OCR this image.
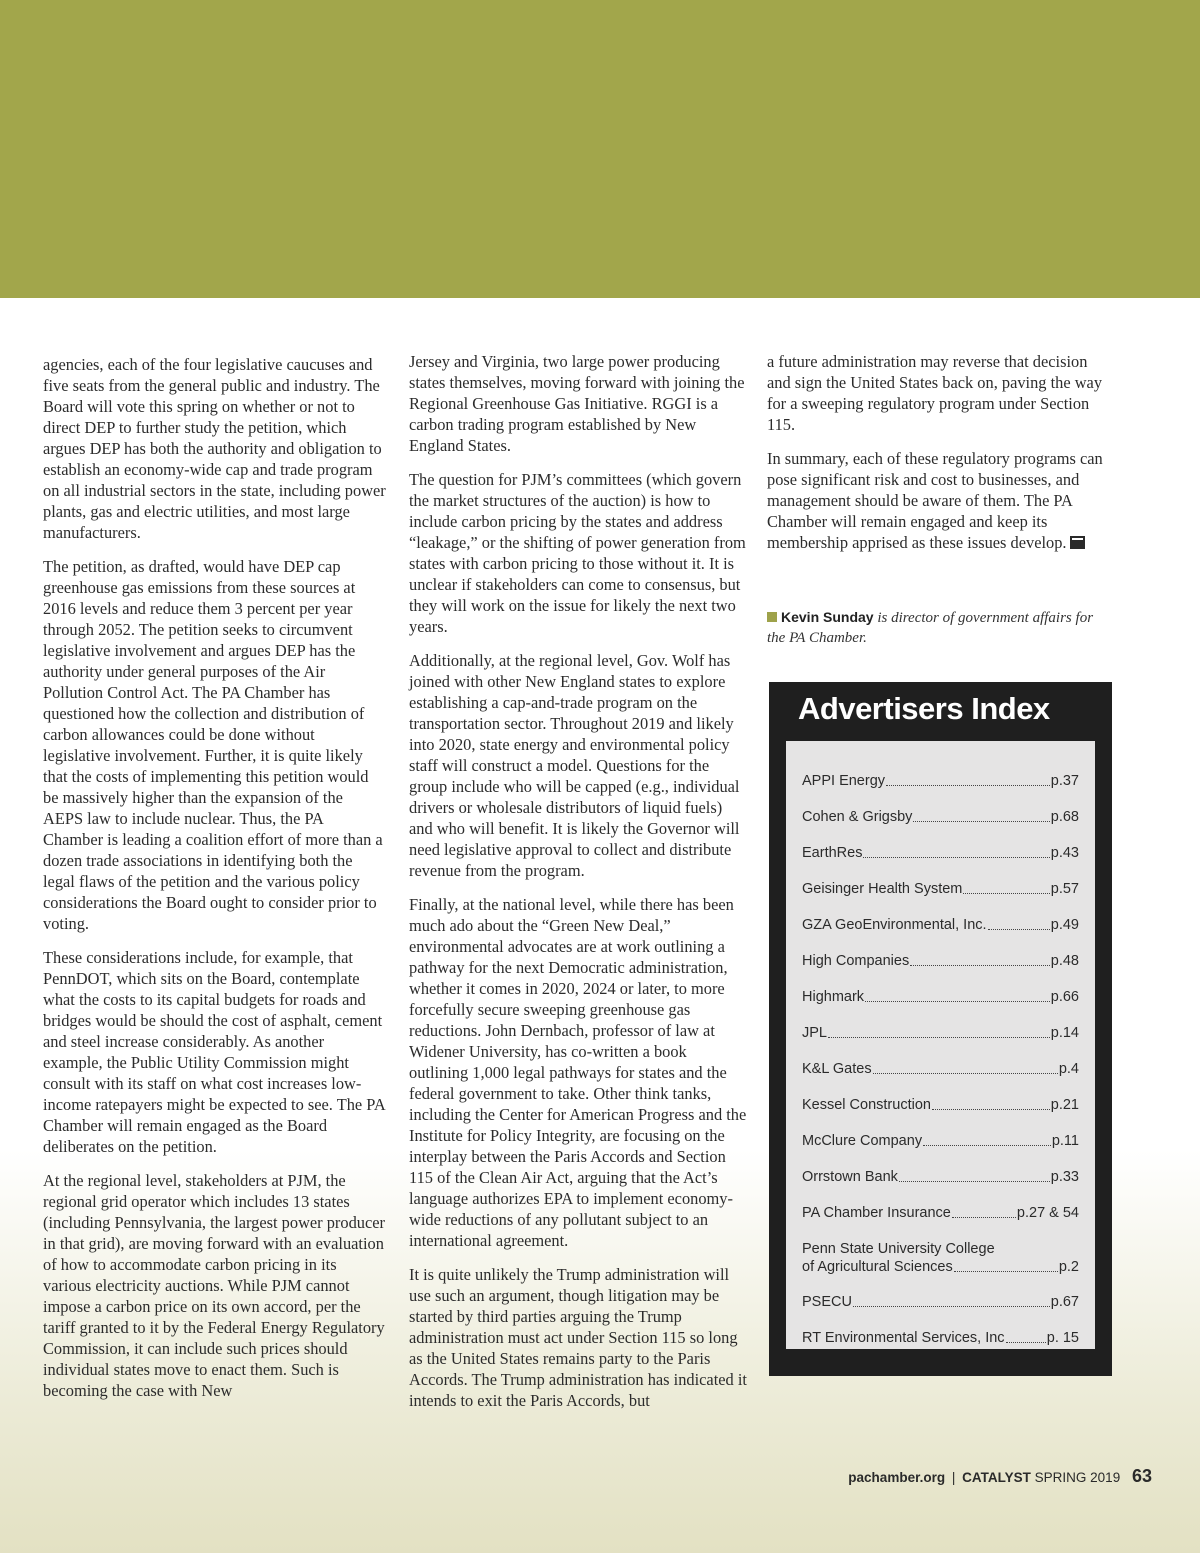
agencies, each of the four legislative caucuses and five seats from the general public and industry. The Board will vote this spring on whether or not to direct DEP to further study the petition, which argues DEP has both the authority and obligation to establish an economy-wide cap and trade program on all industrial sectors in the state, including power plants, gas and electric utilities, and most large manufacturers.

The petition, as drafted, would have DEP cap greenhouse gas emissions from these sources at 2016 levels and reduce them 3 percent per year through 2052. The petition seeks to circumvent legislative involvement and argues DEP has the authority under general purposes of the Air Pollution Control Act. The PA Chamber has questioned how the collection and distribution of carbon allowances could be done without legislative involvement. Further, it is quite likely that the costs of implementing this petition would be massively higher than the expansion of the AEPS law to include nuclear. Thus, the PA Chamber is leading a coalition effort of more than a dozen trade associations in identifying both the legal flaws of the petition and the various policy considerations the Board ought to consider prior to voting.

These considerations include, for example, that PennDOT, which sits on the Board, contemplate what the costs to its capital budgets for roads and bridges would be should the cost of asphalt, cement and steel increase considerably. As another example, the Public Utility Commission might consult with its staff on what cost increases low-income ratepayers might be expected to see. The PA Chamber will remain engaged as the Board deliberates on the petition.

At the regional level, stakeholders at PJM, the regional grid operator which includes 13 states (including Pennsylvania, the largest power producer in that grid), are moving forward with an evaluation of how to accommodate carbon pricing in its various electricity auctions. While PJM cannot impose a carbon price on its own accord, per the tariff granted to it by the Federal Energy Regulatory Commission, it can include such prices should individual states move to enact them. Such is becoming the case with New

Jersey and Virginia, two large power producing states themselves, moving forward with joining the Regional Greenhouse Gas Initiative. RGGI is a carbon trading program established by New England States.

The question for PJM’s committees (which govern the market structures of the auction) is how to include carbon pricing by the states and address “leakage,” or the shifting of power generation from states with carbon pricing to those without it. It is unclear if stakeholders can come to consensus, but they will work on the issue for likely the next two years.

Additionally, at the regional level, Gov. Wolf has joined with other New England states to explore establishing a cap-and-trade program on the transportation sector. Throughout 2019 and likely into 2020, state energy and environmental policy staff will construct a model. Questions for the group include who will be capped (e.g., individual drivers or wholesale distributors of liquid fuels) and who will benefit. It is likely the Governor will need legislative approval to collect and distribute revenue from the program.

Finally, at the national level, while there has been much ado about the “Green New Deal,” environmental advocates are at work outlining a pathway for the next Democratic administration, whether it comes in 2020, 2024 or later, to more forcefully secure sweeping greenhouse gas reductions. John Dernbach, professor of law at Widener University, has co-written a book outlining 1,000 legal pathways for states and the federal government to take. Other think tanks, including the Center for American Progress and the Institute for Policy Integrity, are focusing on the interplay between the Paris Accords and Section 115 of the Clean Air Act, arguing that the Act’s language authorizes EPA to implement economy-wide reductions of any pollutant subject to an international agreement.

It is quite unlikely the Trump administration will use such an argument, though litigation may be started by third parties arguing the Trump administration must act under Section 115 so long as the United States remains party to the Paris Accords. The Trump administration has indicated it intends to exit the Paris Accords, but

a future administration may reverse that decision and sign the United States back on, paving the way for a sweeping regulatory program under Section 115.

In summary, each of these regulatory programs can pose significant risk and cost to businesses, and management should be aware of them. The PA Chamber will remain engaged and keep its membership apprised as these issues develop.

Kevin Sunday is director of government affairs for the PA Chamber.
Advertisers Index
APPI Energy	p.37
Cohen & Grigsby	p.68
EarthRes	p.43
Geisinger Health System	p.57
GZA GeoEnvironmental, Inc.	p.49
High Companies	p.48
Highmark	p.66
JPL	p.14
K&L Gates	p.4
Kessel Construction	p.21
McClure Company	p.11
Orrstown Bank	p.33
PA Chamber Insurance	p.27 & 54
Penn State University College
of Agricultural Sciences	p.2
PSECU	p.67
RT Environmental Services, Inc	p. 15
pachamber.org | CATALYST SPRING 2019 63
